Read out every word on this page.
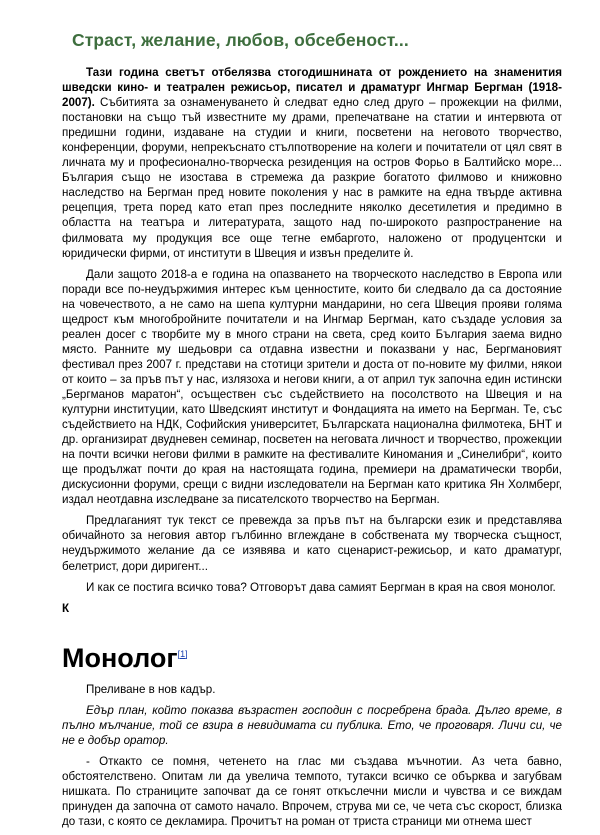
Страст, желание, любов, обсебеност...

Тази година светът отбелязва стогодишнината от рождението на знаменития шведски кино- и театрален режисьор, писател и драматург Ингмар Бергман (1918-2007). Събитията за ознаменуването ѝ следват едно след друго – прожекции на филми, постановки на също тъй известните му драми, препечатване на статии и интервюта от предишни години, издаване на студии и книги, посветени на неговото творчество, конференции, форуми, непрекъснато стълпотворение на колеги и почитатели от цял свят в личната му и професионално-творческа резиденция на остров Форьо в Балтийско море... България също не изостава в стремежа да разкрие богатото филмово и книжовно наследство на Бергман пред новите поколения у нас в рамките на една твърде активна рецепция, трета поред като етап през последните няколко десетилетия и предимно в областта на театъра и литературата, защото над по-широкото разпространение на филмовата му продукция все още тегне ембаргото, наложено от продуцентски и юридически фирми, от институти в Швеция и извън пределите ѝ.

Дали защото 2018-а е година на опазването на творческото наследство в Европа или поради все по-неудържимия интерес към ценностите, които би следвало да са достояние на човечеството, а не само на шепа културни мандарини, но сега Швеция прояви голяма щедрост към многобройните почитатели и на Ингмар Бергман, като създаде условия за реален досег с творбите му в много страни на света, сред които България заема видно място. Ранните му шедьоври са отдавна известни и показвани у нас, Бергмановият фестивал през 2007 г. представи на стотици зрители и доста от по-новите му филми, някои от които – за пръв път у нас, излязоха и негови книги, а от април тук започна един истински „Бергманов маратон“, осъществен със съдействието на посолството на Швеция и на културни институции, като Шведският институт и Фондацията на името на Бергман. Те, със съдействието на НДК, Софийския университет, Българската национална филмотека, БНТ и др. организират двудневен семинар, посветен на неговата личност и творчество, прожекции на почти всички негови филми в рамките на фестивалите Киномания и „Синелибри“, които ще продължат почти до края на настоящата година, премиери на драматически творби, дискусионни форуми, срещи с видни изследователи на Бергман като критика Ян Холмберг, издал неотдавна изследване за писателското творчество на Бергман.

Предлаганият тук текст се превежда за пръв път на български език и представлява обичайното за неговия автор гълбинно вглеждане в собствената му творческа същност, неудържимото желание да се изявява и като сценарист-режисьор, и като драматург, белетрист, дори диригент...

И как се постига всичко това? Отговорът дава самият Бергман в края на своя монолог.

К

Монолог[1]

Преливане в нов кадър.

Едър план, който показва възрастен господин с посребрена брада. Дълго време, в пълно мълчание, той се взира в невидимата си публика. Ето, че проговаря. Личи си, че не е добър оратор.

- Откакто се помня, четенето на глас ми създава мъчнотии. Аз чета бавно, обстоятелствено. Опитам ли да увелича темпото, тутакси всичко се обърква и загубвам нишката. По страниците започват да се гонят откъслечни мисли и чувства и се виждам принуден да започна от самото начало. Впрочем, струва ми се, че чета със скорост, близка до тази, с която се декламира. Прочитът на роман от триста страници ми отнема шест
